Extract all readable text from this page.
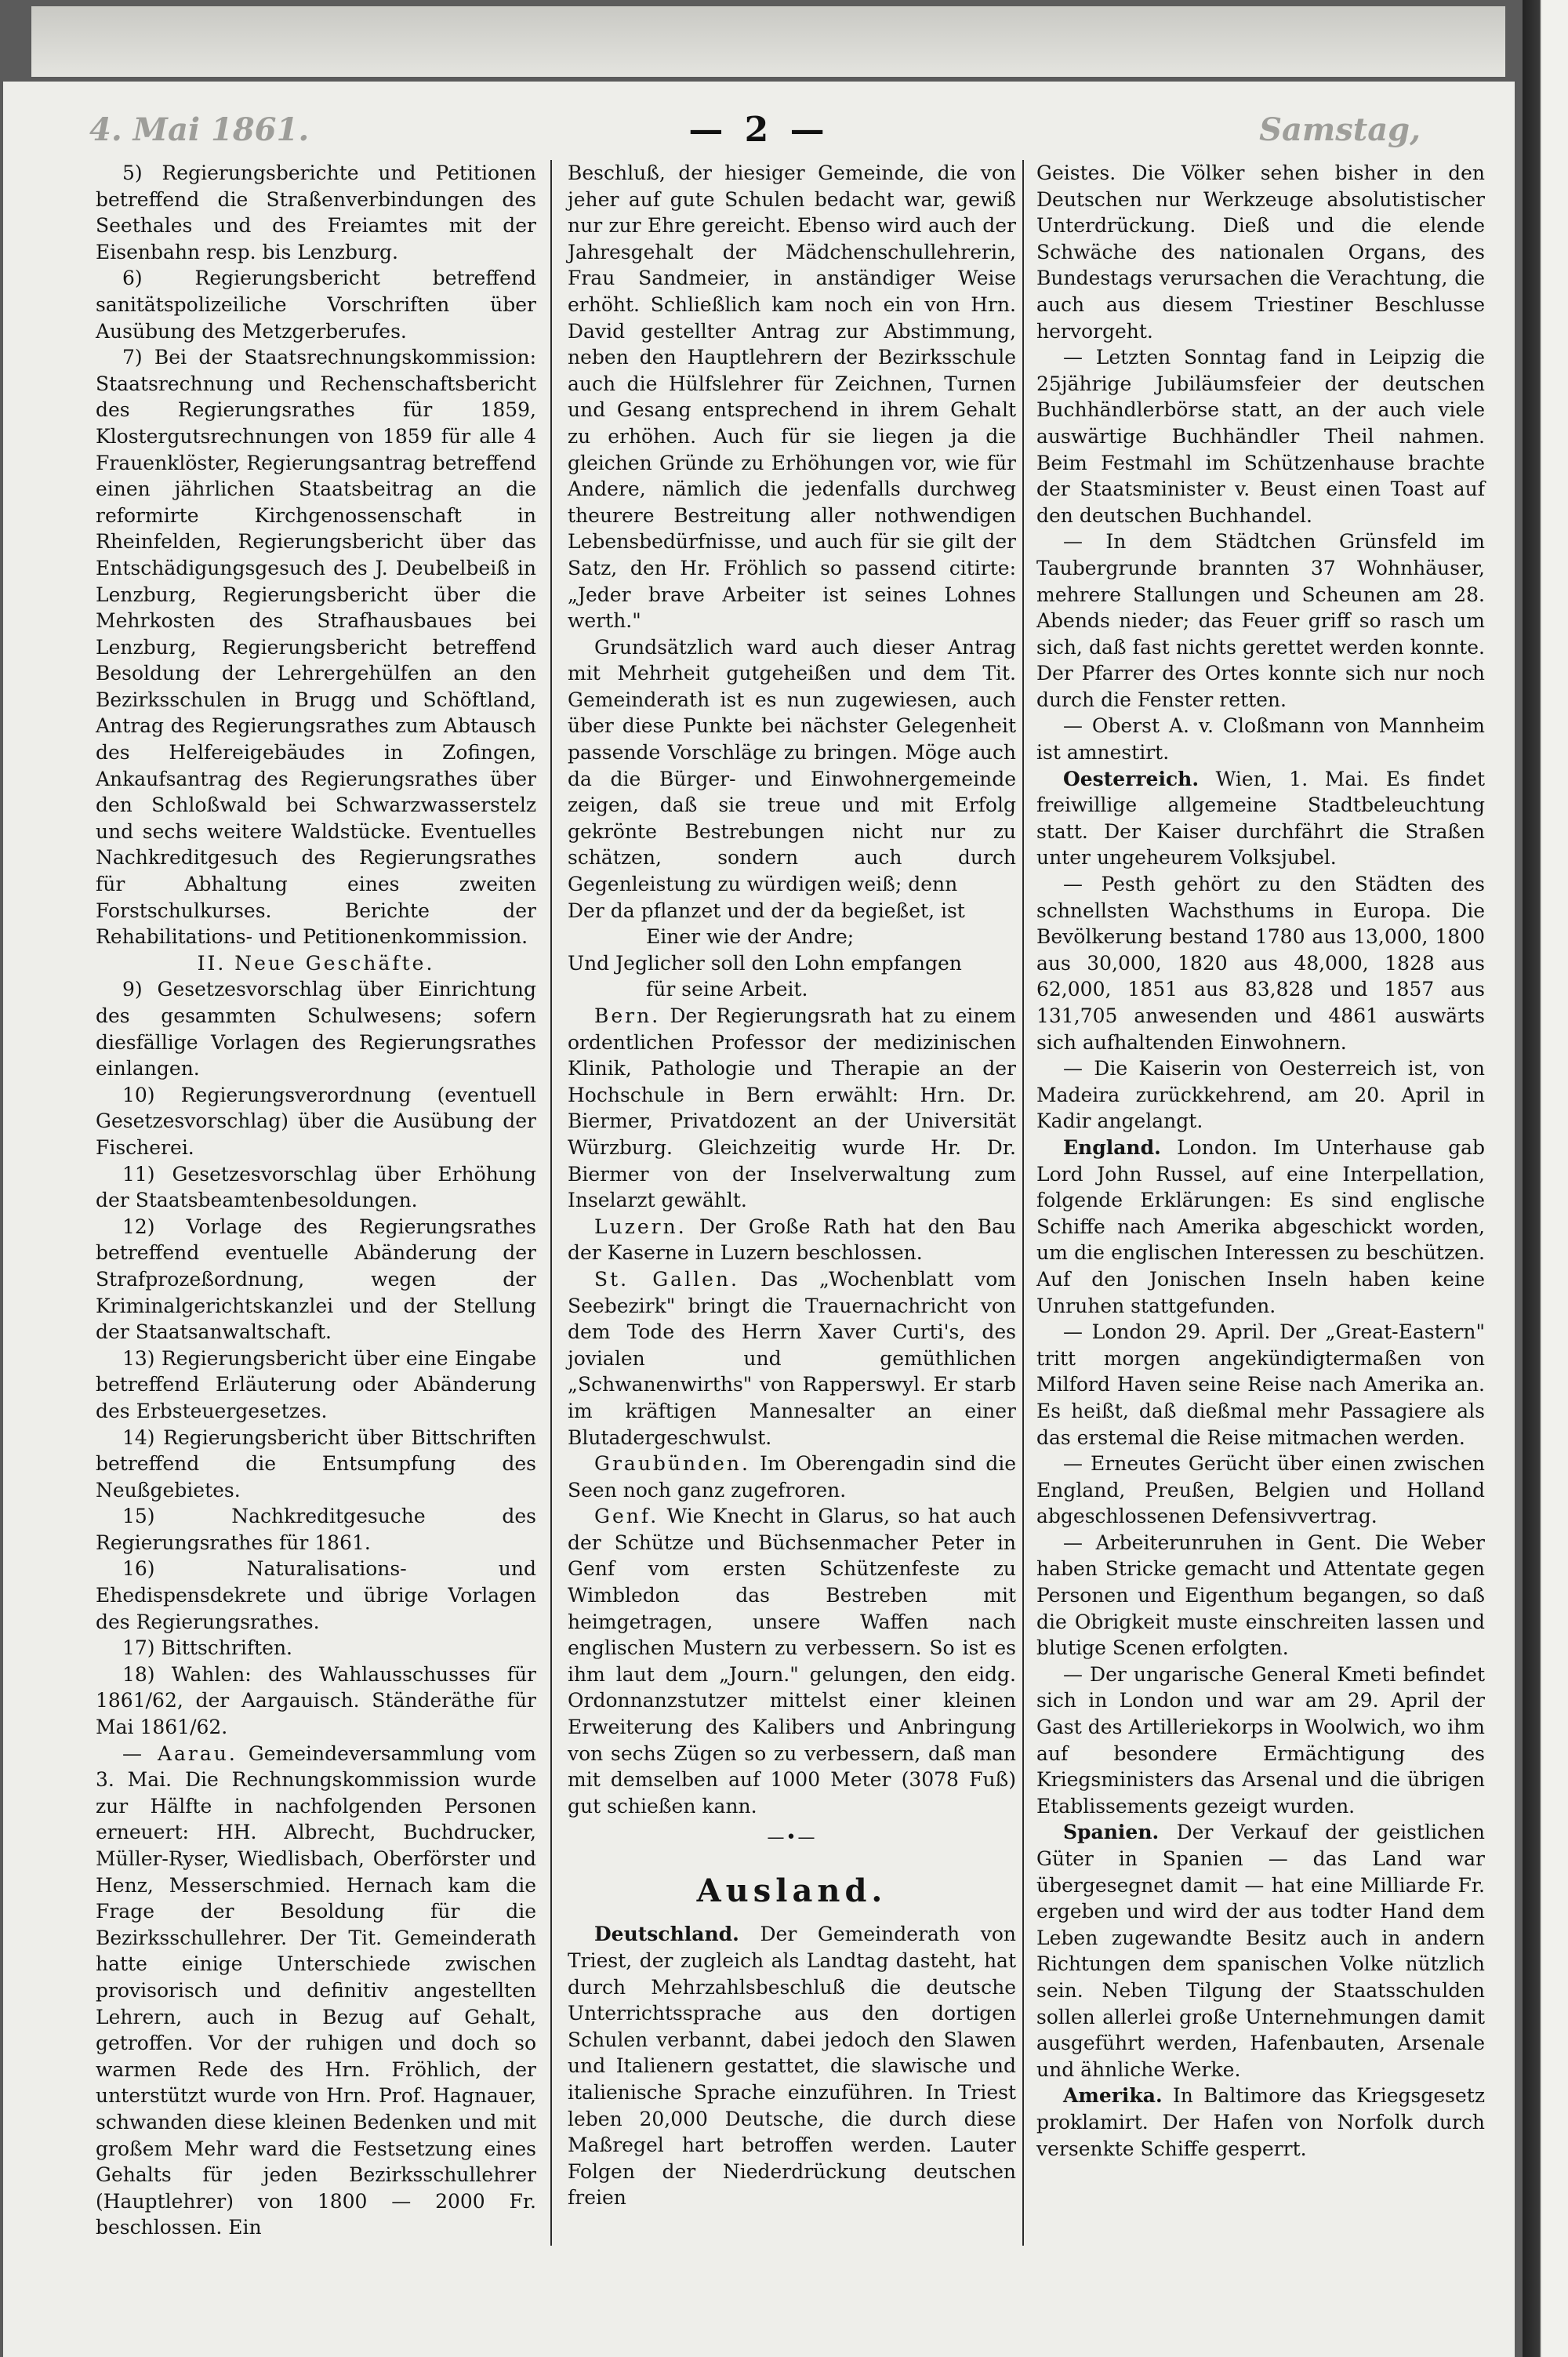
4. Mai 1861.	Samstag,
— 2 —

5) Regierungsberichte und Petitionen betreffend die Straßenverbindungen des Seethales und des Freiamtes mit der Eisenbahn resp. bis Lenzburg.

6) Regierungsbericht betreffend sanitätspolizeiliche Vorschriften über Ausübung des Metzgerberufes.

7) Bei der Staatsrechnungskommission: Staatsrechnung und Rechenschaftsbericht des Regierungsrathes für 1859, Klostergutsrechnungen von 1859 für alle 4 Frauenklöster, Regierungsantrag betreffend einen jährlichen Staatsbeitrag an die reformirte Kirchgenossenschaft in Rheinfelden, Regierungsbericht über das Entschädigungsgesuch des J. Deubelbeiß in Lenzburg, Regierungsbericht über die Mehrkosten des Strafhausbaues bei Lenzburg, Regierungsbericht betreffend Besoldung der Lehrergehülfen an den Bezirksschulen in Brugg und Schöftland, Antrag des Regierungsrathes zum Abtausch des Helfereigebäudes in Zofingen, Ankaufsantrag des Regierungsrathes über den Schloßwald bei Schwarzwasserstelz und sechs weitere Waldstücke. Eventuelles Nachkreditgesuch des Regierungsrathes für Abhaltung eines zweiten Forstschulkurses. Berichte der Rehabilitations- und Petitionenkommission.

II. Neue Geschäfte.

9) Gesetzesvorschlag über Einrichtung des gesammten Schulwesens; sofern diesfällige Vorlagen des Regierungsrathes einlangen.

10) Regierungsverordnung (eventuell Gesetzesvorschlag) über die Ausübung der Fischerei.

11) Gesetzesvorschlag über Erhöhung der Staatsbeamtenbesoldungen.

12) Vorlage des Regierungsrathes betreffend eventuelle Abänderung der Strafprozeßordnung, wegen der Kriminalgerichtskanzlei und der Stellung der Staatsanwaltschaft.

13) Regierungsbericht über eine Eingabe betreffend Erläuterung oder Abänderung des Erbsteuergesetzes.

14) Regierungsbericht über Bittschriften betreffend die Entsumpfung des Neußgebietes.

15) Nachkreditgesuche des Regierungsrathes für 1861.

16) Naturalisations- und Ehedispensdekrete und übrige Vorlagen des Regierungsrathes.

17) Bittschriften.

18) Wahlen: des Wahlausschusses für 1861/62, der Aargauisch. Ständeräthe für Mai 1861/62.

— Aarau. Gemeindeversammlung vom 3. Mai. Die Rechnungskommission wurde zur Hälfte in nachfolgenden Personen erneuert: HH. Albrecht, Buchdrucker, Müller-Ryser, Wiedlisbach, Oberförster und Henz, Messerschmied. Hernach kam die Frage der Besoldung für die Bezirksschullehrer. Der Tit. Gemeinderath hatte einige Unterschiede zwischen provisorisch und definitiv angestellten Lehrern, auch in Bezug auf Gehalt, getroffen. Vor der ruhigen und doch so warmen Rede des Hrn. Fröhlich, der unterstützt wurde von Hrn. Prof. Hagnauer, schwanden diese kleinen Bedenken und mit großem Mehr ward die Festsetzung eines Gehalts für jeden Bezirksschullehrer (Hauptlehrer) von 1800 — 2000 Fr. beschlossen. Ein

Beschluß, der hiesiger Gemeinde, die von jeher auf gute Schulen bedacht war, gewiß nur zur Ehre gereicht. Ebenso wird auch der Jahresgehalt der Mädchenschullehrerin, Frau Sandmeier, in anständiger Weise erhöht. Schließlich kam noch ein von Hrn. David gestellter Antrag zur Abstimmung, neben den Hauptlehrern der Bezirksschule auch die Hülfslehrer für Zeichnen, Turnen und Gesang entsprechend in ihrem Gehalt zu erhöhen. Auch für sie liegen ja die gleichen Gründe zu Erhöhungen vor, wie für Andere, nämlich die jedenfalls durchweg theurere Bestreitung aller nothwendigen Lebensbedürfnisse, und auch für sie gilt der Satz, den Hr. Fröhlich so passend citirte: „Jeder brave Arbeiter ist seines Lohnes werth."

Grundsätzlich ward auch dieser Antrag mit Mehrheit gutgeheißen und dem Tit. Gemeinderath ist es nun zugewiesen, auch über diese Punkte bei nächster Gelegenheit passende Vorschläge zu bringen. Möge auch da die Bürger- und Einwohnergemeinde zeigen, daß sie treue und mit Erfolg gekrönte Bestrebungen nicht nur zu schätzen, sondern auch durch Gegenleistung zu würdigen weiß; denn

Der da pflanzet und der da begießet, ist
Einer wie der Andre;
Und Jeglicher soll den Lohn empfangen
für seine Arbeit.

Bern. Der Regierungsrath hat zu einem ordentlichen Professor der medizinischen Klinik, Pathologie und Therapie an der Hochschule in Bern erwählt: Hrn. Dr. Biermer, Privatdozent an der Universität Würzburg. Gleichzeitig wurde Hr. Dr. Biermer von der Inselverwaltung zum Inselarzt gewählt.

Luzern. Der Große Rath hat den Bau der Kaserne in Luzern beschlossen.

St. Gallen. Das „Wochenblatt vom Seebezirk" bringt die Trauernachricht von dem Tode des Herrn Xaver Curti's, des jovialen und gemüthlichen „Schwanenwirths" von Rapperswyl. Er starb im kräftigen Mannesalter an einer Blutadergeschwulst.

Graubünden. Im Oberengadin sind die Seen noch ganz zugefroren.

Genf. Wie Knecht in Glarus, so hat auch der Schütze und Büchsenmacher Peter in Genf vom ersten Schützenfeste zu Wimbledon das Bestreben mit heimgetragen, unsere Waffen nach englischen Mustern zu verbessern. So ist es ihm laut dem „Journ." gelungen, den eidg. Ordonnanzstutzer mittelst einer kleinen Erweiterung des Kalibers und Anbringung von sechs Zügen so zu verbessern, daß man mit demselben auf 1000 Meter (3078 Fuß) gut schießen kann.

—•—
Ausland.

Deutschland. Der Gemeinderath von Triest, der zugleich als Landtag dasteht, hat durch Mehrzahlsbeschluß die deutsche Unterrichtssprache aus den dortigen Schulen verbannt, dabei jedoch den Slawen und Italienern gestattet, die slawische und italienische Sprache einzuführen. In Triest leben 20,000 Deutsche, die durch diese Maßregel hart betroffen werden. Lauter Folgen der Niederdrückung deutschen freien

Geistes. Die Völker sehen bisher in den Deutschen nur Werkzeuge absolutistischer Unterdrückung. Dieß und die elende Schwäche des nationalen Organs, des Bundestags verursachen die Verachtung, die auch aus diesem Triestiner Beschlusse hervorgeht.

— Letzten Sonntag fand in Leipzig die 25jährige Jubiläumsfeier der deutschen Buchhändlerbörse statt, an der auch viele auswärtige Buchhändler Theil nahmen. Beim Festmahl im Schützenhause brachte der Staatsminister v. Beust einen Toast auf den deutschen Buchhandel.

— In dem Städtchen Grünsfeld im Taubergrunde brannten 37 Wohnhäuser, mehrere Stallungen und Scheunen am 28. Abends nieder; das Feuer griff so rasch um sich, daß fast nichts gerettet werden konnte. Der Pfarrer des Ortes konnte sich nur noch durch die Fenster retten.

— Oberst A. v. Cloßmann von Mannheim ist amnestirt.

Oesterreich. Wien, 1. Mai. Es findet freiwillige allgemeine Stadtbeleuchtung statt. Der Kaiser durchfährt die Straßen unter ungeheurem Volksjubel.

— Pesth gehört zu den Städten des schnellsten Wachsthums in Europa. Die Bevölkerung bestand 1780 aus 13,000, 1800 aus 30,000, 1820 aus 48,000, 1828 aus 62,000, 1851 aus 83,828 und 1857 aus 131,705 anwesenden und 4861 auswärts sich aufhaltenden Einwohnern.

— Die Kaiserin von Oesterreich ist, von Madeira zurückkehrend, am 20. April in Kadir angelangt.

England. London. Im Unterhause gab Lord John Russel, auf eine Interpellation, folgende Erklärungen: Es sind englische Schiffe nach Amerika abgeschickt worden, um die englischen Interessen zu beschützen. Auf den Jonischen Inseln haben keine Unruhen stattgefunden.

— London 29. April. Der „Great-Eastern" tritt morgen angekündigtermaßen von Milford Haven seine Reise nach Amerika an. Es heißt, daß dießmal mehr Passagiere als das erstemal die Reise mitmachen werden.

— Erneutes Gerücht über einen zwischen England, Preußen, Belgien und Holland abgeschlossenen Defensivvertrag.

— Arbeiterunruhen in Gent. Die Weber haben Stricke gemacht und Attentate gegen Personen und Eigenthum begangen, so daß die Obrigkeit muste einschreiten lassen und blutige Scenen erfolgten.

— Der ungarische General Kmeti befindet sich in London und war am 29. April der Gast des Artilleriekorps in Woolwich, wo ihm auf besondere Ermächtigung des Kriegsministers das Arsenal und die übrigen Etablissements gezeigt wurden.

Spanien. Der Verkauf der geistlichen Güter in Spanien — das Land war übergesegnet damit — hat eine Milliarde Fr. ergeben und wird der aus todter Hand dem Leben zugewandte Besitz auch in andern Richtungen dem spanischen Volke nützlich sein. Neben Tilgung der Staatsschulden sollen allerlei große Unternehmungen damit ausgeführt werden, Hafenbauten, Arsenale und ähnliche Werke.

Amerika. In Baltimore das Kriegsgesetz proklamirt. Der Hafen von Norfolk durch versenkte Schiffe gesperrt.
